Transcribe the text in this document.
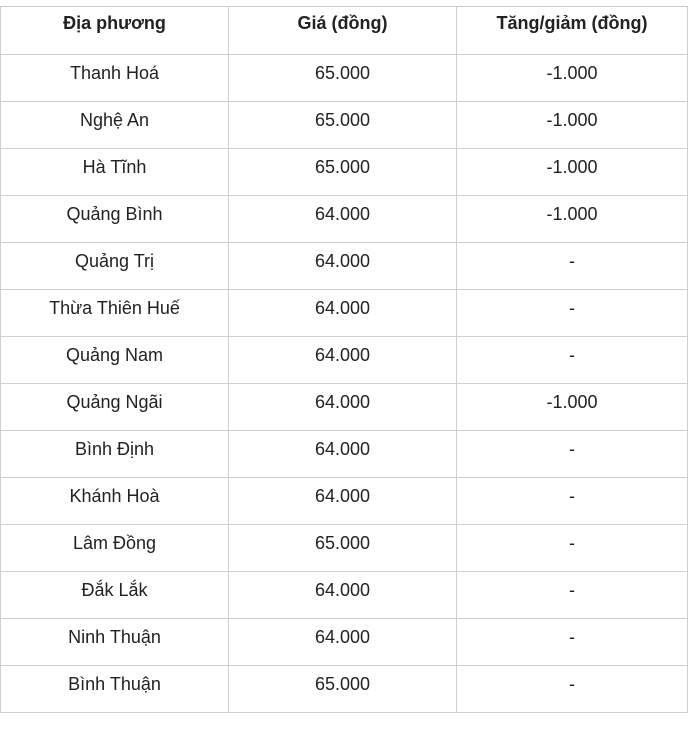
Địa phương	Giá (đồng)	Tăng/giảm (đồng)
Thanh Hoá	65.000	-1.000
Nghệ An	65.000	-1.000
Hà Tĩnh	65.000	-1.000
Quảng Bình	64.000	-1.000
Quảng Trị	64.000	-
Thừa Thiên Huế	64.000	-
Quảng Nam	64.000	-
Quảng Ngãi	64.000	-1.000
Bình Định	64.000	-
Khánh Hoà	64.000	-
Lâm Đồng	65.000	-
Đắk Lắk	64.000	-
Ninh Thuận	64.000	-
Bình Thuận	65.000	-
